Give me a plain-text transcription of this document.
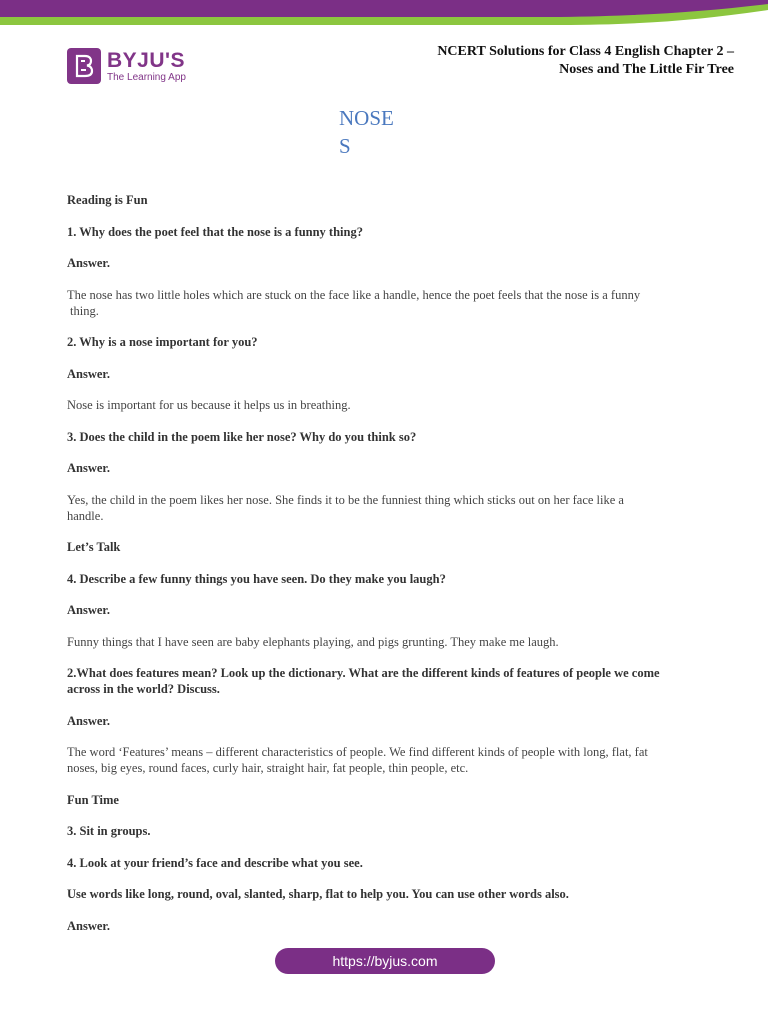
BYJU'S
The Learning App
NCERT Solutions for Class 4 English Chapter 2 –
Noses and The Little Fir Tree
NOSES

Reading is Fun

1. Why does the poet feel that the nose is a funny thing?

Answer.

The nose has two little holes which are stuck on the face like a handle, hence the poet feels that the nose is a funny

thing.

2. Why is a nose important for you?

Answer.

Nose is important for us because it helps us in breathing.

3. Does the child in the poem like her nose? Why do you think so?

Answer.

Yes, the child in the poem likes her nose. She finds it to be the funniest thing which sticks out on her face like a

handle.

Let’s Talk

4. Describe a few funny things you have seen. Do they make you laugh?

Answer.

Funny things that I have seen are baby elephants playing, and pigs grunting. They make me laugh.

2.What does features mean? Look up the dictionary. What are the different kinds of features of people we come

across in the world? Discuss.

Answer.

The word ‘Features’ means – different characteristics of people. We find different kinds of people with long, flat, fat

noses, big eyes, round faces, curly hair, straight hair, fat people, thin people, etc.

Fun Time

3. Sit in groups.

4. Look at your friend’s face and describe what you see.

Use words like long, round, oval, slanted, sharp, flat to help you. You can use other words also.

Answer.

https://byjus.com
